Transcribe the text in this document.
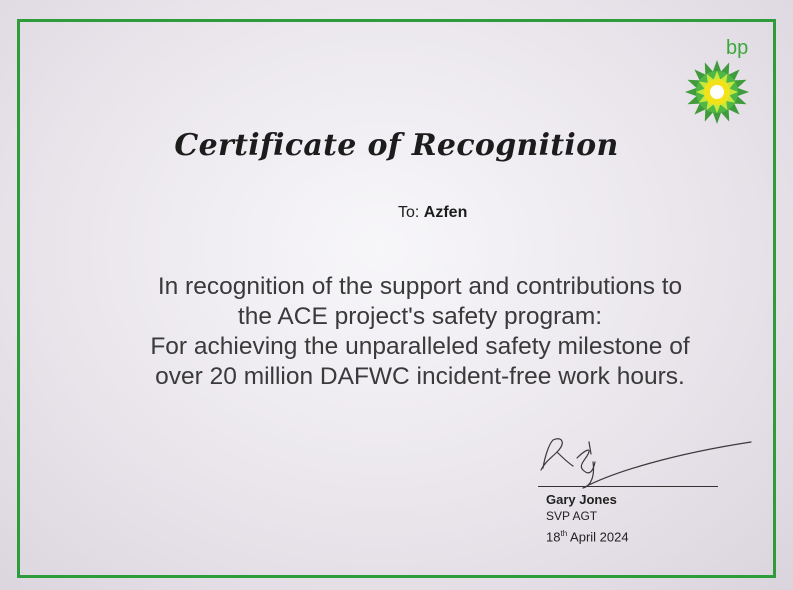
bp
Certificate of Recognition
To: Azfen
In recognition of the support and contributions to
the ACE project's safety program:
For achieving the unparalleled safety milestone of
over 20 million DAFWC incident-free work hours.
Gary Jones
SVP AGT
18th April 2024
